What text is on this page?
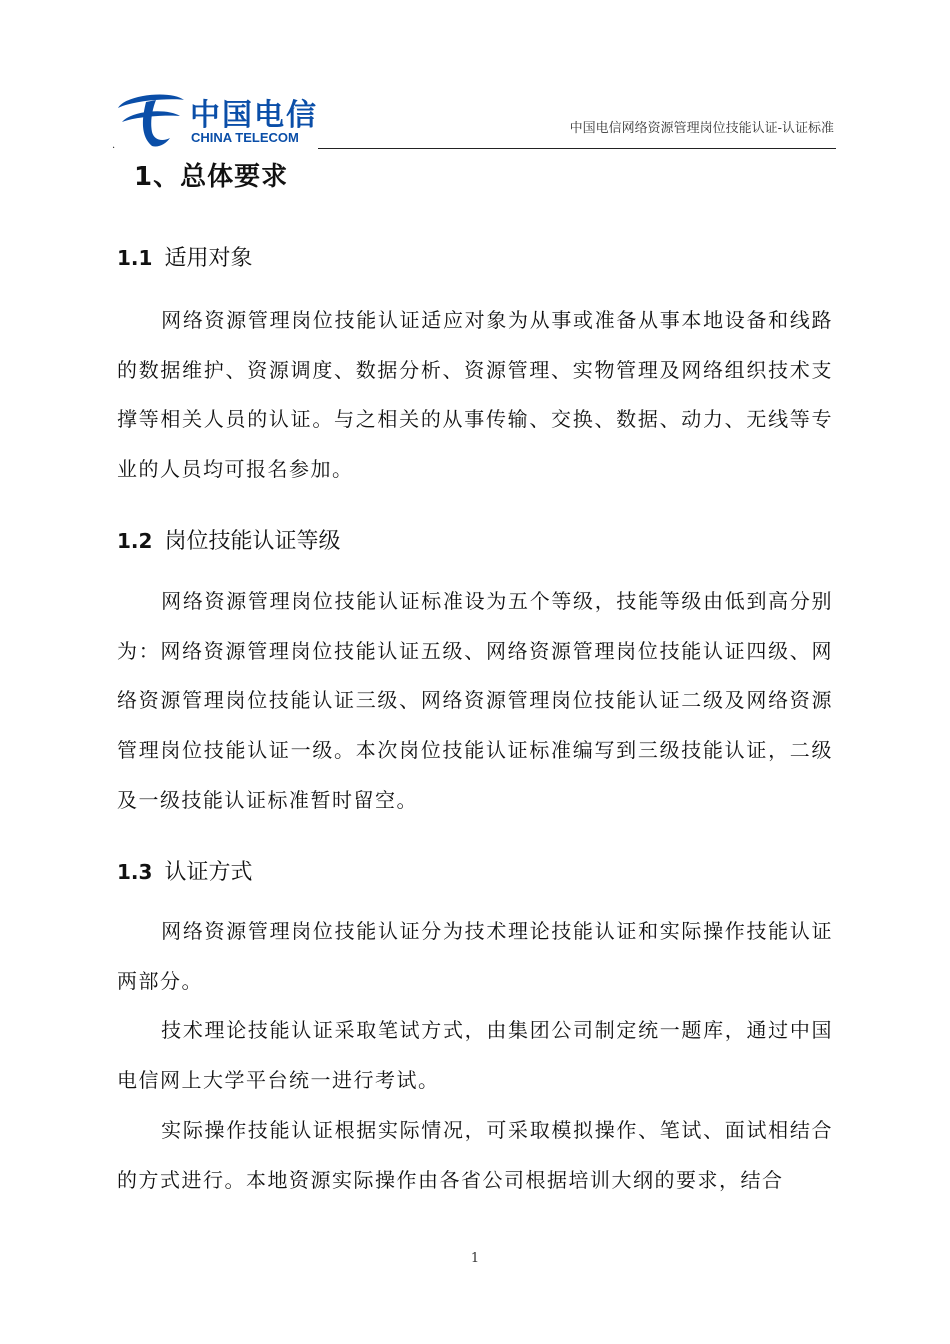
中国电信
CHINA TELECOM
中国电信网络资源管理岗位技能认证-认证标准
.
1、总体要求
1.1 适用对象
网络资源管理岗位技能认证适应对象为从事或准备从事本地设备和线路的数据维护、资源调度、数据分析、资源管理、实物管理及网络组织技术支撑等相关人员的认证。与之相关的从事传输、交换、数据、动力、无线等专业的人员均可报名参加。
1.2 岗位技能认证等级
网络资源管理岗位技能认证标准设为五个等级，技能等级由低到高分别为：网络资源管理岗位技能认证五级、网络资源管理岗位技能认证四级、网络资源管理岗位技能认证三级、网络资源管理岗位技能认证二级及网络资源管理岗位技能认证一级。本次岗位技能认证标准编写到三级技能认证，二级及一级技能认证标准暂时留空。
1.3 认证方式
网络资源管理岗位技能认证分为技术理论技能认证和实际操作技能认证两部分。
技术理论技能认证采取笔试方式，由集团公司制定统一题库，通过中国电信网上大学平台统一进行考试。
实际操作技能认证根据实际情况，可采取模拟操作、笔试、面试相结合的方式进行。本地资源实际操作由各省公司根据培训大纲的要求，结合
1
